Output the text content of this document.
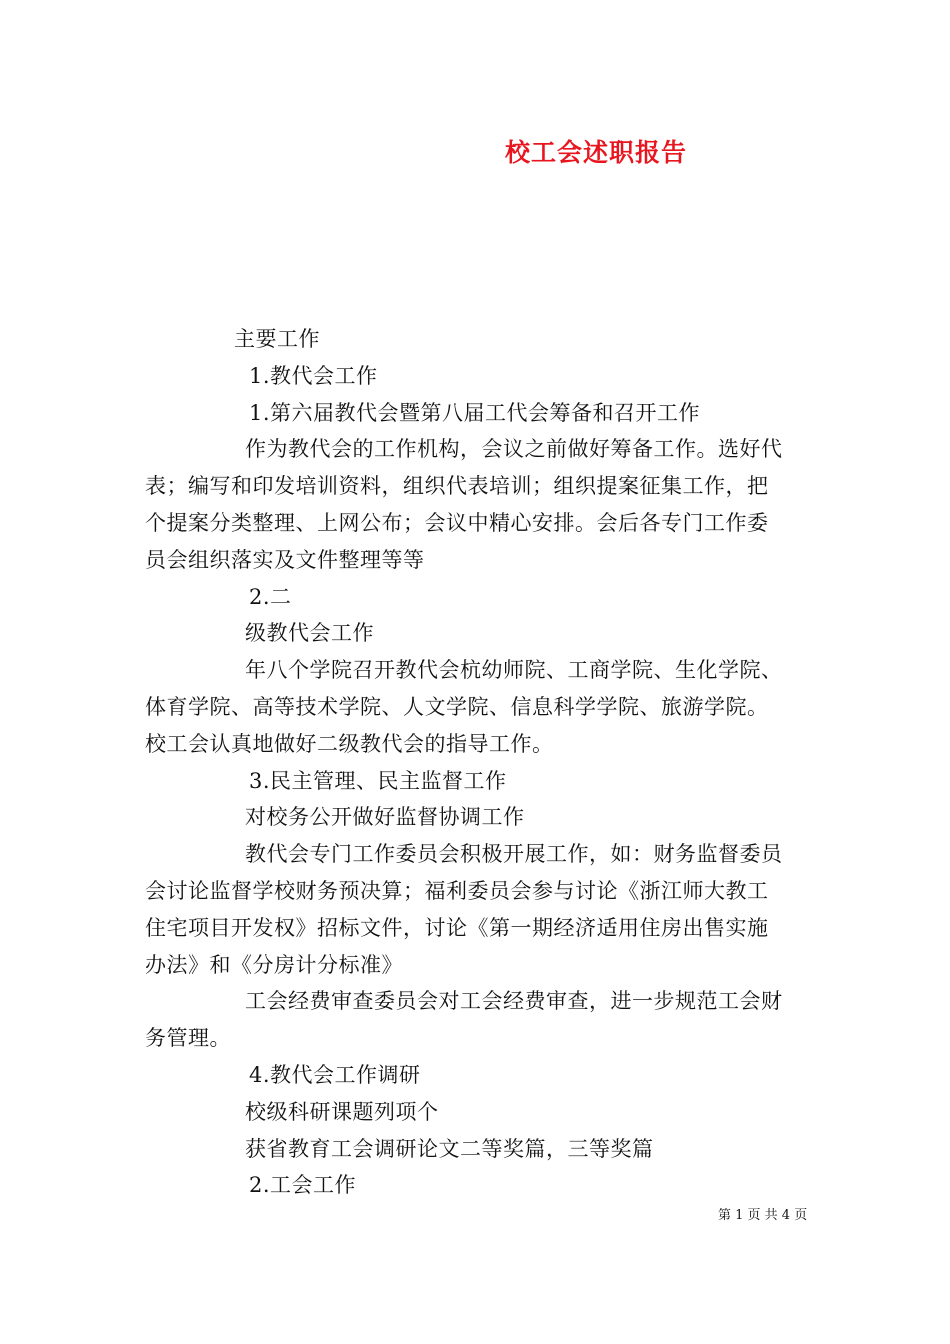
校工会述职报告
主要工作
1.教代会工作
1.第六届教代会暨第八届工代会筹备和召开工作
作为教代会的工作机构，会议之前做好筹备工作。选好代
表；编写和印发培训资料，组织代表培训；组织提案征集工作，把
个提案分类整理、上网公布；会议中精心安排。会后各专门工作委
员会组织落实及文件整理等等
2.二
级教代会工作
年八个学院召开教代会杭幼师院、工商学院、生化学院、
体育学院、高等技术学院、人文学院、信息科学学院、旅游学院。
校工会认真地做好二级教代会的指导工作。
3.民主管理、民主监督工作
对校务公开做好监督协调工作
教代会专门工作委员会积极开展工作，如：财务监督委员
会讨论监督学校财务预决算；福利委员会参与讨论《浙江师大教工
住宅项目开发权》招标文件，讨论《第一期经济适用住房出售实施
办法》和《分房计分标准》
工会经费审查委员会对工会经费审查，进一步规范工会财
务管理。
4.教代会工作调研
校级科研课题列项个
获省教育工会调研论文二等奖篇，三等奖篇
2.工会工作
第 1 页 共 4 页
